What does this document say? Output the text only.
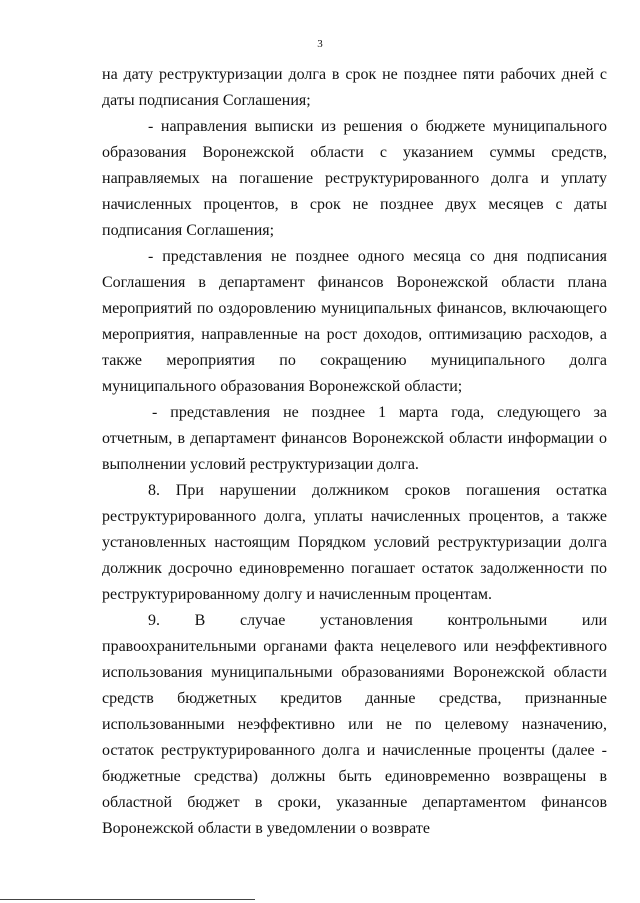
3

на дату реструктуризации долга в срок не позднее пяти рабочих дней с даты подписания Соглашения;

- направления выписки из решения о бюджете муниципального образования Воронежской области с указанием суммы средств, направляемых на погашение реструктурированного долга и уплату начисленных процентов, в срок не позднее двух месяцев с даты подписания Соглашения;

- представления не позднее одного месяца со дня подписания Соглашения в департамент финансов Воронежской области плана мероприятий по оздоровлению муниципальных финансов, включающего мероприятия, направленные на рост доходов, оптимизацию расходов, а также мероприятия по сокращению муниципального долга муниципального образования Воронежской области;

- представления не позднее 1 марта года, следующего за отчетным, в департамент финансов Воронежской области информации о выполнении условий реструктуризации долга.

8. При нарушении должником сроков погашения остатка реструктурированного долга, уплаты начисленных процентов, а также установленных настоящим Порядком условий реструктуризации долга должник досрочно единовременно погашает остаток задолженности по реструктурированному долгу и начисленным процентам.

9. В случае установления контрольными или правоохранительными органами факта нецелевого или неэффективного использования муниципальными образованиями Воронежской области средств бюджетных кредитов данные средства, признанные использованными неэффективно или не по целевому назначению, остаток реструктурированного долга и начисленные проценты (далее - бюджетные средства) должны быть единовременно возвращены в областной бюджет в сроки, указанные департаментом финансов Воронежской области в уведомлении о возврате
